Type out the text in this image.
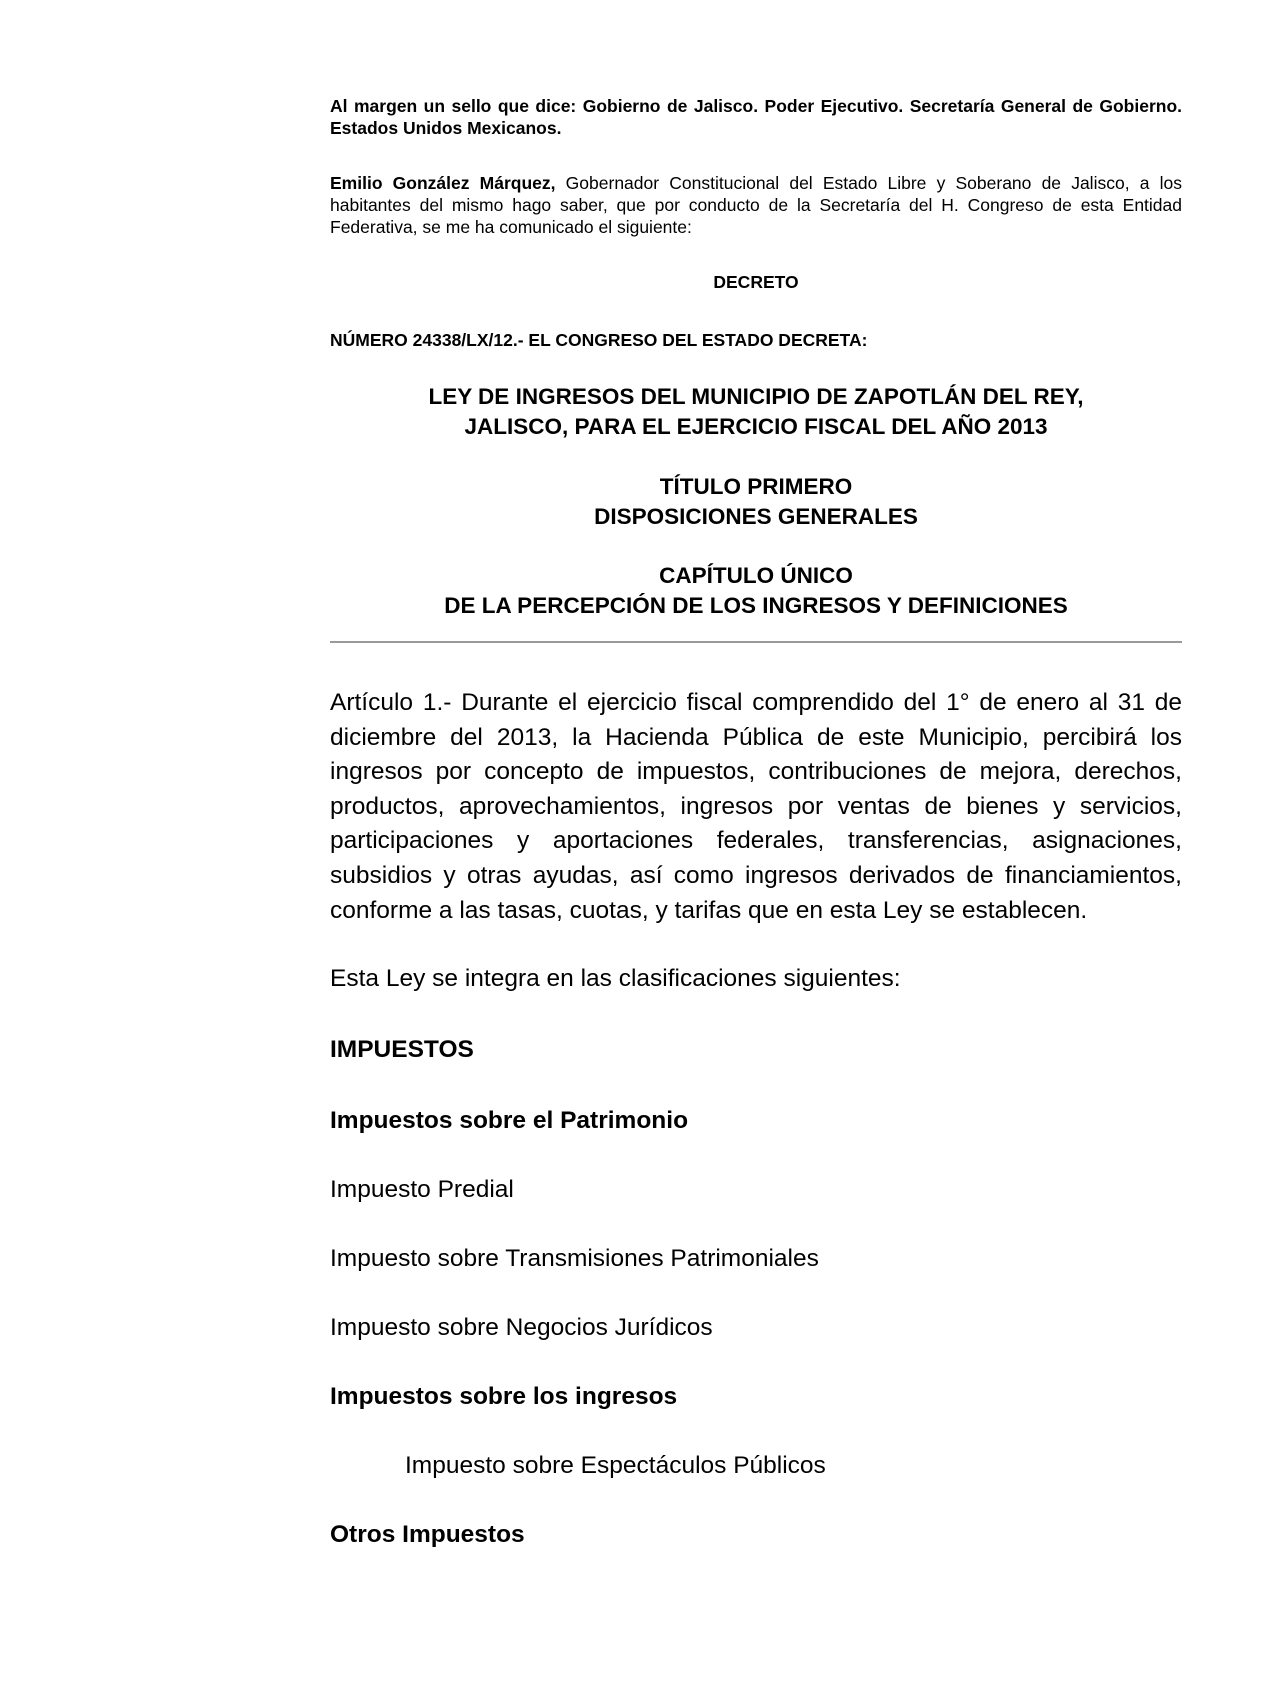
Al margen un sello que dice: Gobierno de Jalisco. Poder Ejecutivo. Secretaría General de Gobierno. Estados Unidos Mexicanos.

Emilio González Márquez, Gobernador Constitucional del Estado Libre y Soberano de Jalisco, a los habitantes del mismo hago saber, que por conducto de la Secretaría del H. Congreso de esta Entidad Federativa, se me ha comunicado el siguiente:

DECRETO
NÚMERO 24338/LX/12.- EL CONGRESO DEL ESTADO DECRETA:
LEY DE INGRESOS DEL MUNICIPIO DE ZAPOTLÁN DEL REY,
JALISCO, PARA EL EJERCICIO FISCAL DEL AÑO 2013
TÍTULO PRIMERO
DISPOSICIONES GENERALES
CAPÍTULO ÚNICO
DE LA PERCEPCIÓN DE LOS INGRESOS Y DEFINICIONES

Artículo 1.- Durante el ejercicio fiscal comprendido del 1° de enero al 31 de diciembre del 2013, la Hacienda Pública de este Municipio, percibirá los ingresos por concepto de impuestos, contribuciones de mejora, derechos, productos, aprovechamientos, ingresos por ventas de bienes y servicios, participaciones y aportaciones federales, transferencias, asignaciones, subsidios y otras ayudas, así como ingresos derivados de financiamientos, conforme a las tasas, cuotas, y tarifas que en esta Ley se establecen.

Esta Ley se integra en las clasificaciones siguientes:

IMPUESTOS
Impuestos sobre el Patrimonio
Impuesto Predial
Impuesto sobre Transmisiones Patrimoniales
Impuesto sobre Negocios Jurídicos
Impuestos sobre los ingresos
Impuesto sobre Espectáculos Públicos
Otros Impuestos
